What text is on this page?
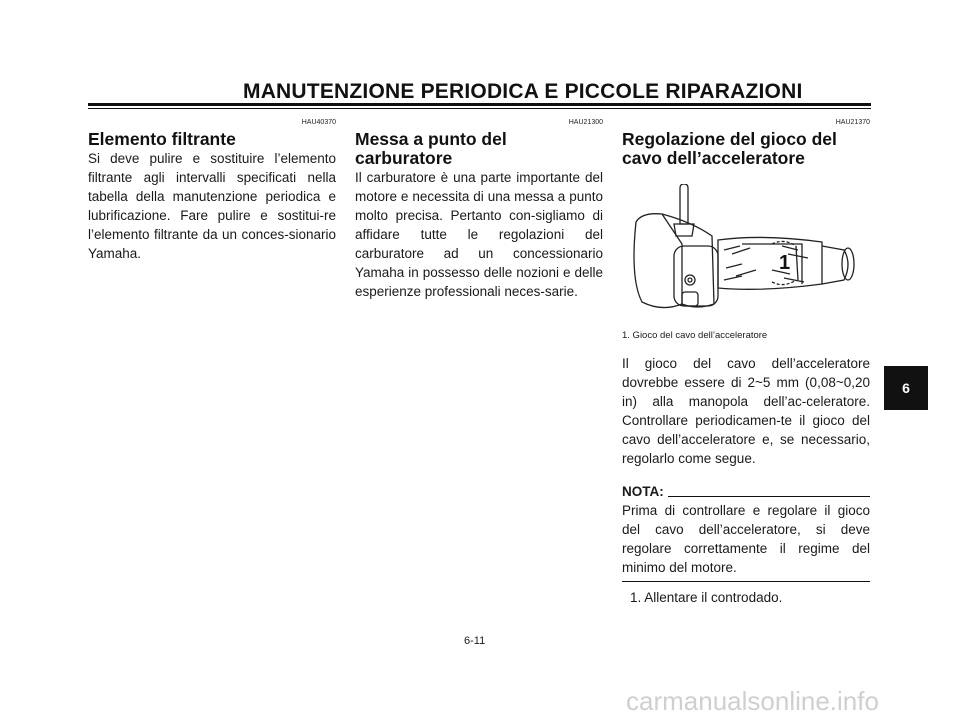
MANUTENZIONE PERIODICA E PICCOLE RIPARAZIONI
HAU40370
Elemento filtrante

Si deve pulire e sostituire l’elemento filtrante agli intervalli specificati nella tabella della manutenzione periodica e lubrificazione. Fare pulire e sostitui-re l’elemento filtrante da un conces-sionario Yamaha.

HAU21300
Messa a punto del carburatore

Il carburatore è una parte importante del motore e necessita di una messa a punto molto precisa. Pertanto con-sigliamo di affidare tutte le regolazioni del carburatore ad un concessionario Yamaha in possesso delle nozioni e delle esperienze professionali neces-sarie.

HAU21370
Regolazione del gioco del cavo dell’acceleratore
1
1. Gioco del cavo dell’acceleratore

Il gioco del cavo dell’acceleratore dovrebbe essere di 2~5 mm (0,08~0,20 in) alla manopola dell’ac-celeratore. Controllare periodicamen-te il gioco del cavo dell’acceleratore e, se necessario, regolarlo come segue.

NOTA:

Prima di controllare e regolare il gioco del cavo dell’acceleratore, si deve regolare correttamente il regime del minimo del motore.

1. Allentare il controdado.
6-11
6
carmanualsonline.info
